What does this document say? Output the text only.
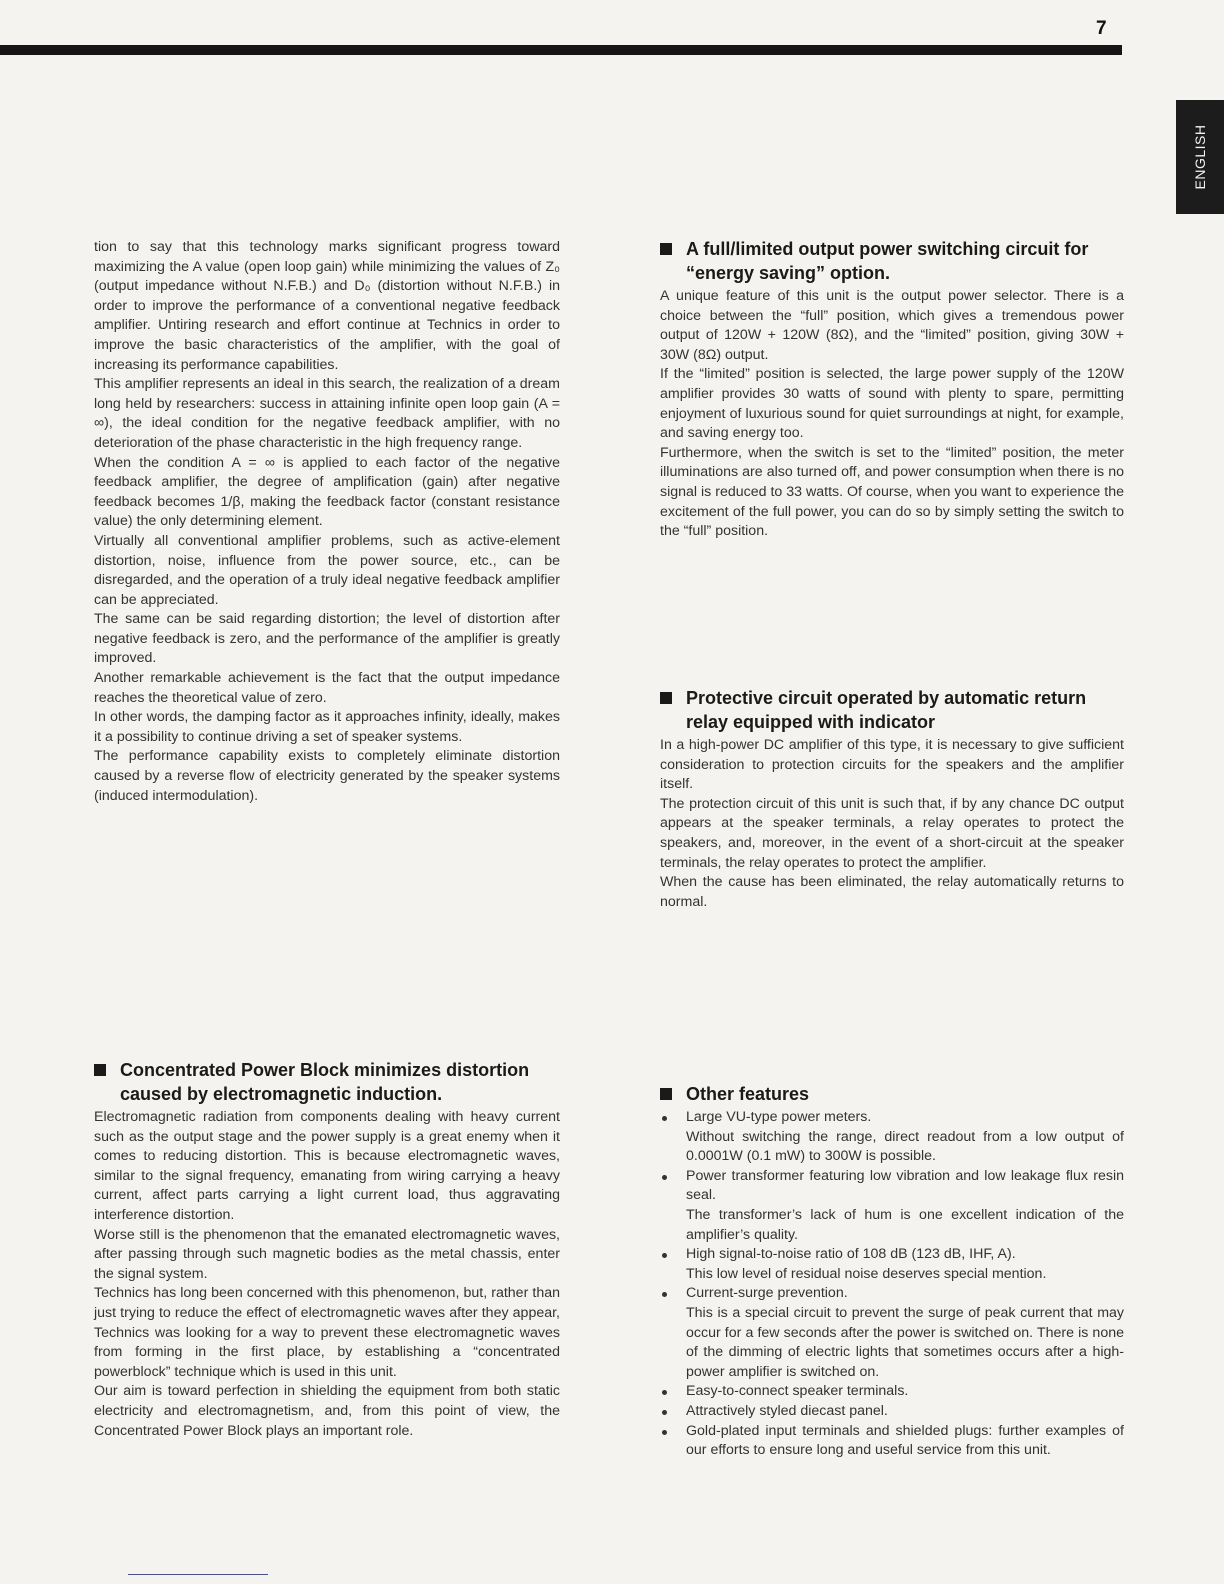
7
ENGLISH

tion to say that this technology marks significant progress toward maximizing the A value (open loop gain) while minimizing the values of Z₀ (output impedance without N.F.B.) and D₀ (distortion without N.F.B.) in order to improve the performance of a conventional negative feedback amplifier. Untiring research and effort continue at Technics in order to improve the basic characteristics of the amplifier, with the goal of increasing its performance capabilities.

This amplifier represents an ideal in this search, the realization of a dream long held by researchers: success in attaining infinite open loop gain (A = ∞), the ideal condition for the negative feedback amplifier, with no deterioration of the phase characteristic in the high frequency range.

When the condition A = ∞ is applied to each factor of the negative feedback amplifier, the degree of amplification (gain) after negative feedback becomes 1/β, making the feedback factor (constant resistance value) the only determining element.

Virtually all conventional amplifier problems, such as active-element distortion, noise, influence from the power source, etc., can be disregarded, and the operation of a truly ideal negative feedback amplifier can be appreciated.

The same can be said regarding distortion; the level of distortion after negative feedback is zero, and the performance of the amplifier is greatly improved.

Another remarkable achievement is the fact that the output impedance reaches the theoretical value of zero.

In other words, the damping factor as it approaches infinity, ideally, makes it a possibility to continue driving a set of speaker systems.

The performance capability exists to completely eliminate distortion caused by a reverse flow of electricity generated by the speaker systems (induced intermodulation).

Concentrated Power Block minimizes distortion caused by electromagnetic induction.

Electromagnetic radiation from components dealing with heavy current such as the output stage and the power supply is a great enemy when it comes to reducing distortion. This is because electromagnetic waves, similar to the signal frequency, emanating from wiring carrying a heavy current, affect parts carrying a light current load, thus aggravating interference distortion.

Worse still is the phenomenon that the emanated electromagnetic waves, after passing through such magnetic bodies as the metal chassis, enter the signal system.

Technics has long been concerned with this phenomenon, but, rather than just trying to reduce the effect of electromagnetic waves after they appear, Technics was looking for a way to prevent these electromagnetic waves from forming in the first place, by establishing a “concentrated powerblock” technique which is used in this unit.

Our aim is toward perfection in shielding the equipment from both static electricity and electromagnetism, and, from this point of view, the Concentrated Power Block plays an important role.

A full/limited output power switching circuit for “energy saving” option.

A unique feature of this unit is the output power selector. There is a choice between the “full” position, which gives a tremendous power output of 120W + 120W (8Ω), and the “limited” position, giving 30W + 30W (8Ω) output.

If the “limited” position is selected, the large power supply of the 120W amplifier provides 30 watts of sound with plenty to spare, permitting enjoyment of luxurious sound for quiet surroundings at night, for example, and saving energy too.

Furthermore, when the switch is set to the “limited” position, the meter illuminations are also turned off, and power consumption when there is no signal is reduced to 33 watts. Of course, when you want to experience the excitement of the full power, you can do so by simply setting the switch to the “full” position.

Protective circuit operated by automatic return relay equipped with indicator

In a high-power DC amplifier of this type, it is necessary to give sufficient consideration to protection circuits for the speakers and the amplifier itself.

The protection circuit of this unit is such that, if by any chance DC output appears at the speaker terminals, a relay operates to protect the speakers, and, moreover, in the event of a short-circuit at the speaker terminals, the relay operates to protect the amplifier.

When the cause has been eliminated, the relay automatically returns to normal.

Other features

Large VU-type power meters.

Without switching the range, direct readout from a low output of 0.0001W (0.1 mW) to 300W is possible.

Power transformer featuring low vibration and low leakage flux resin seal.

The transformer’s lack of hum is one excellent indication of the amplifier’s quality.

High signal-to-noise ratio of 108 dB (123 dB, IHF, A).

This low level of residual noise deserves special mention.

Current-surge prevention.

This is a special circuit to prevent the surge of peak current that may occur for a few seconds after the power is switched on. There is none of the dimming of electric lights that sometimes occurs after a high-power amplifier is switched on.

Easy-to-connect speaker terminals.

Attractively styled diecast panel.

Gold-plated input terminals and shielded plugs: further examples of our efforts to ensure long and useful service from this unit.
